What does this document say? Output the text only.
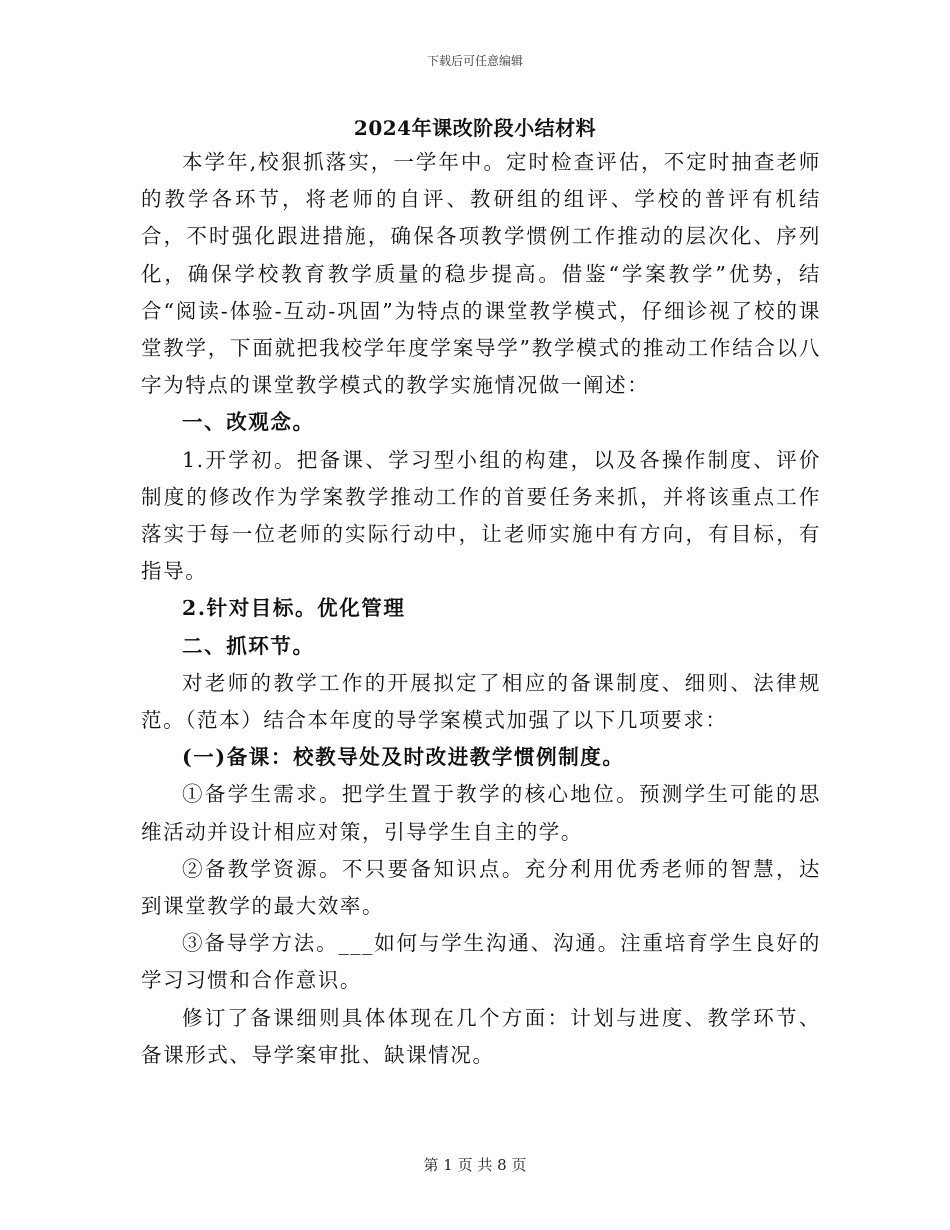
下载后可任意编辑
2024年课改阶段小结材料

本学年,校狠抓落实，一学年中。定时检查评估，不定时抽查老师的教学各环节，将老师的自评、教研组的组评、学校的普评有机结合，不时强化跟进措施，确保各项教学惯例工作推动的层次化、序列化，确保学校教育教学质量的稳步提高。借鉴“学案教学”优势，结合“阅读-体验-互动-巩固”为特点的课堂教学模式，仔细诊视了校的课堂教学，下面就把我校学年度学案导学”教学模式的推动工作结合以八字为特点的课堂教学模式的教学实施情况做一阐述：

一、改观念。

1.开学初。把备课、学习型小组的构建，以及各操作制度、评价制度的修改作为学案教学推动工作的首要任务来抓，并将该重点工作落实于每一位老师的实际行动中，让老师实施中有方向，有目标，有指导。

2.针对目标。优化管理

二、抓环节。

对老师的教学工作的开展拟定了相应的备课制度、细则、法律规范。（范本）结合本年度的导学案模式加强了以下几项要求：

(一)备课：校教导处及时改进教学惯例制度。

①备学生需求。把学生置于教学的核心地位。预测学生可能的思维活动并设计相应对策，引导学生自主的学。

②备教学资源。不只要备知识点。充分利用优秀老师的智慧，达到课堂教学的最大效率。

③备导学方法。___如何与学生沟通、沟通。注重培育学生良好的学习习惯和合作意识。

修订了备课细则具体体现在几个方面：计划与进度、教学环节、备课形式、导学案审批、缺课情况。

第 1 页 共 8 页
